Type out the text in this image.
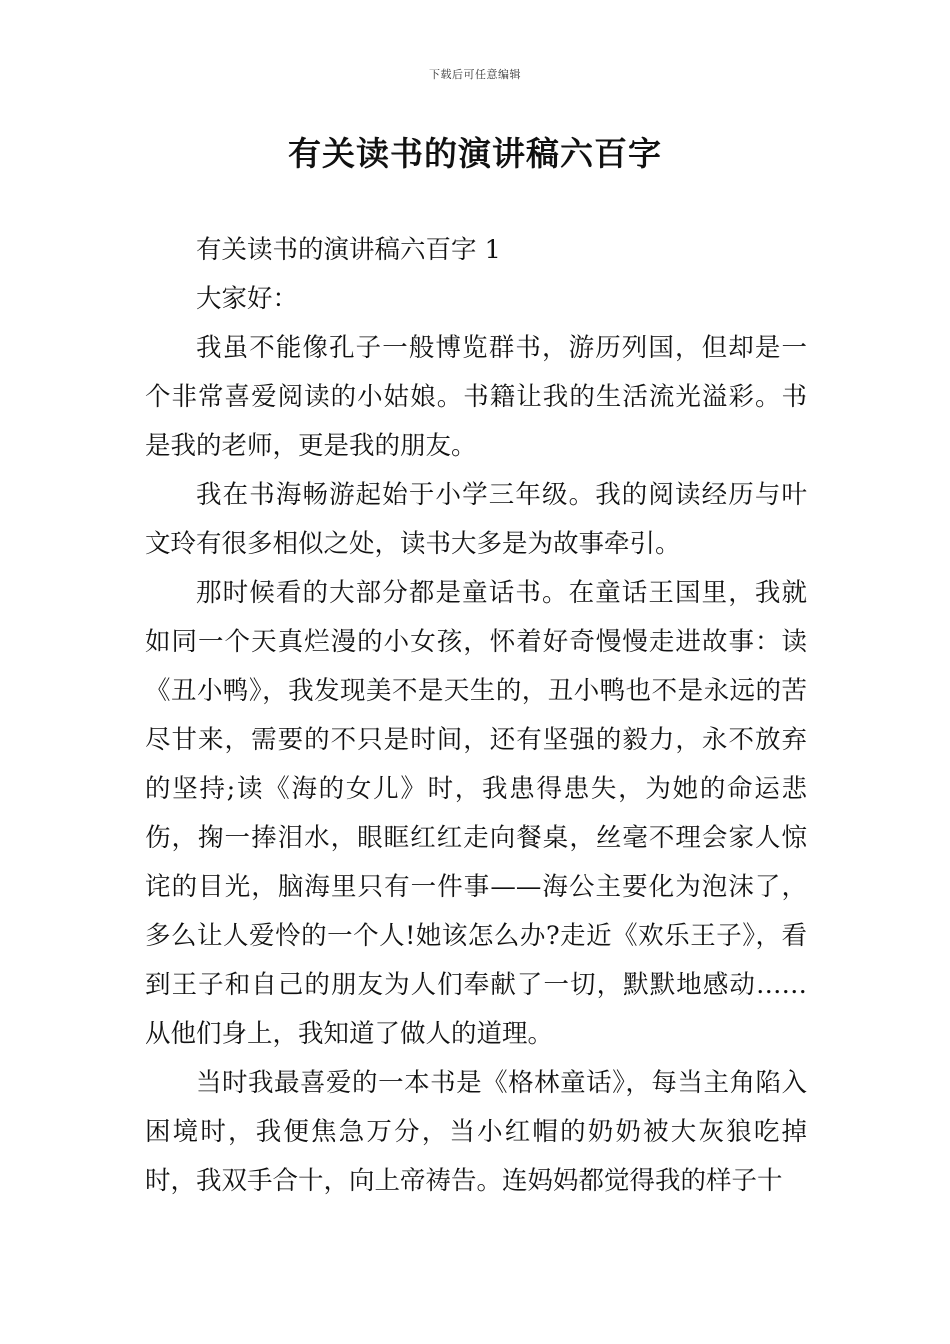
下载后可任意编辑
有关读书的演讲稿六百字

有关读书的演讲稿六百字 1

大家好：

我虽不能像孔子一般博览群书，游历列国，但却是一个非常喜爱阅读的小姑娘。书籍让我的生活流光溢彩。书是我的老师，更是我的朋友。

我在书海畅游起始于小学三年级。我的阅读经历与叶文玲有很多相似之处，读书大多是为故事牵引。

那时候看的大部分都是童话书。在童话王国里，我就如同一个天真烂漫的小女孩，怀着好奇慢慢走进故事：读《丑小鸭》，我发现美不是天生的，丑小鸭也不是永远的苦尽甘来，需要的不只是时间，还有坚强的毅力，永不放弃的坚持;读《海的女儿》时，我患得患失，为她的命运悲伤，掬一捧泪水，眼眶红红走向餐桌，丝毫不理会家人惊诧的目光，脑海里只有一件事——海公主要化为泡沫了，多么让人爱怜的一个人!她该怎么办?走近《欢乐王子》，看到王子和自己的朋友为人们奉献了一切，默默地感动……从他们身上，我知道了做人的道理。

当时我最喜爱的一本书是《格林童话》，每当主角陷入困境时，我便焦急万分，当小红帽的奶奶被大灰狼吃掉时，我双手合十，向上帝祷告。连妈妈都觉得我的样子十
